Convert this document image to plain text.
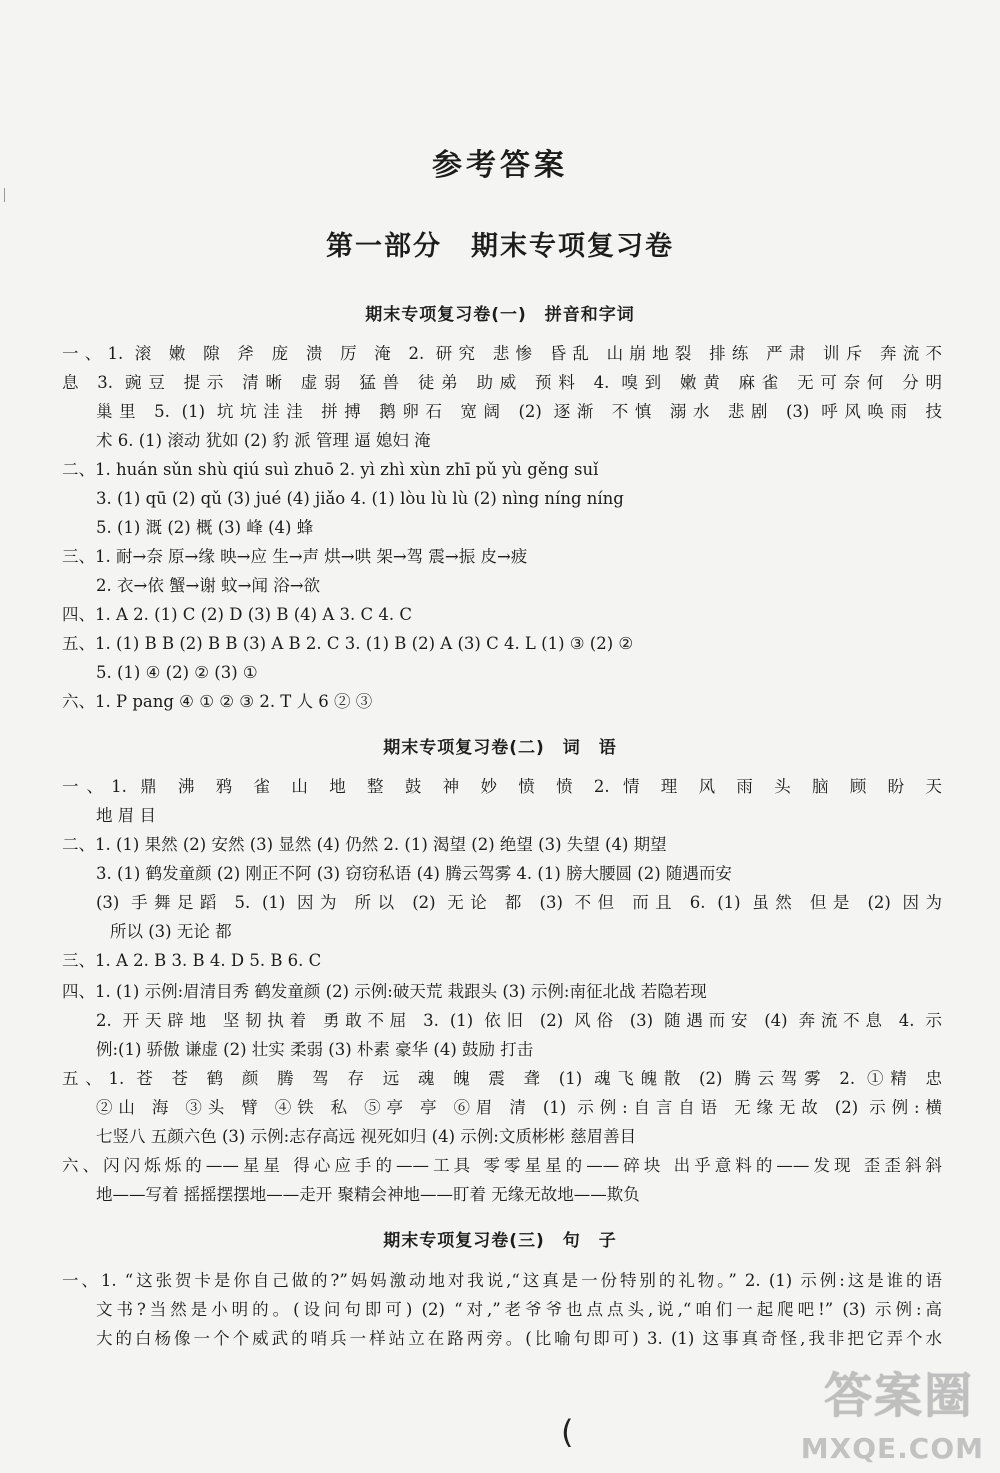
参考答案
第一部分　期末专项复习卷
期末专项复习卷(一)　拼音和字词
一、1. 滚 嫩 隙 斧 庞 溃 厉 淹 2. 研究 悲惨 昏乱 山崩地裂 排练 严肃 训斥 奔流不
息 3. 豌豆 提示 清晰 虚弱 猛兽 徒弟 助威 预料 4. 嗅到 嫩黄 麻雀 无可奈何 分明
巢里 5. (1) 坑坑洼洼 拼搏 鹅卵石 宽阔 (2) 逐渐 不慎 溺水 悲剧 (3) 呼风唤雨 技
术 6. (1) 滚动 犹如 (2) 豹 派 管理 逼 媳妇 淹
二、1. huán sǔn shù qiú suì zhuō 2. yì zhì xùn zhī pǔ yù gěng suǐ
3. (1) qū (2) qǔ (3) jué (4) jiǎo 4. (1) lòu lù lù (2) nìng níng níng
5. (1) 溉 (2) 概 (3) 峰 (4) 蜂
三、1. 耐→奈 原→缘 映→应 生→声 烘→哄 架→驾 震→振 皮→疲
2. 衣→依 蟹→谢 蚊→闻 浴→欲
四、1. A 2. (1) C (2) D (3) B (4) A 3. C 4. C
五、1. (1) B B (2) B B (3) A B 2. C 3. (1) B (2) A (3) C 4. L (1) ③ (2) ②
5. (1) ④ (2) ② (3) ①
六、1. P pang ④ ① ② ③ 2. T 人 6 ② ③
期末专项复习卷(二)　词　语
一、1. 鼎 沸 鸦 雀 山 地 整 鼓 神 妙 愤 愤 2. 情 理 风 雨 头 脑 顾 盼 天
地 眉 目
二、1. (1) 果然 (2) 安然 (3) 显然 (4) 仍然 2. (1) 渴望 (2) 绝望 (3) 失望 (4) 期望
3. (1) 鹤发童颜 (2) 刚正不阿 (3) 窃窃私语 (4) 腾云驾雾 4. (1) 膀大腰圆 (2) 随遇而安
(3) 手舞足蹈 5. (1) 因为 所以 (2) 无论 都 (3) 不但 而且 6. (1) 虽然 但是 (2) 因为
所以 (3) 无论 都
三、1. A 2. B 3. B 4. D 5. B 6. C
四、1. (1) 示例:眉清目秀 鹤发童颜 (2) 示例:破天荒 栽跟头 (3) 示例:南征北战 若隐若现
2. 开天辟地 坚韧执着 勇敢不屈 3. (1) 依旧 (2) 风俗 (3) 随遇而安 (4) 奔流不息 4. 示
例:(1) 骄傲 谦虚 (2) 壮实 柔弱 (3) 朴素 豪华 (4) 鼓励 打击
五、1. 苍 苍 鹤 颜 腾 驾 存 远 魂 魄 震 聋 (1) 魂飞魄散 (2) 腾云驾雾 2. ①精 忠
②山 海 ③头 臂 ④铁 私 ⑤亭 亭 ⑥眉 清 (1) 示例:自言自语 无缘无故 (2) 示例:横
七竖八 五颜六色 (3) 示例:志存高远 视死如归 (4) 示例:文质彬彬 慈眉善目
六、闪闪烁烁的——星星 得心应手的——工具 零零星星的——碎块 出乎意料的——发现 歪歪斜斜
地——写着 摇摇摆摆地——走开 聚精会神地——盯着 无缘无故地——欺负
期末专项复习卷(三)　句　子
一、1. “这张贺卡是你自己做的?”妈妈激动地对我说,“这真是一份特别的礼物。” 2. (1) 示例:这是谁的语
文书?当然是小明的。(设问句即可) (2) “对,”老爷爷也点点头,说,“咱们一起爬吧!” (3) 示例:高
大的白杨像一个个威武的哨兵一样站立在路两旁。(比喻句即可) 3. (1) 这事真奇怪,我非把它弄个水
(
答案圈
MXQE.COM
